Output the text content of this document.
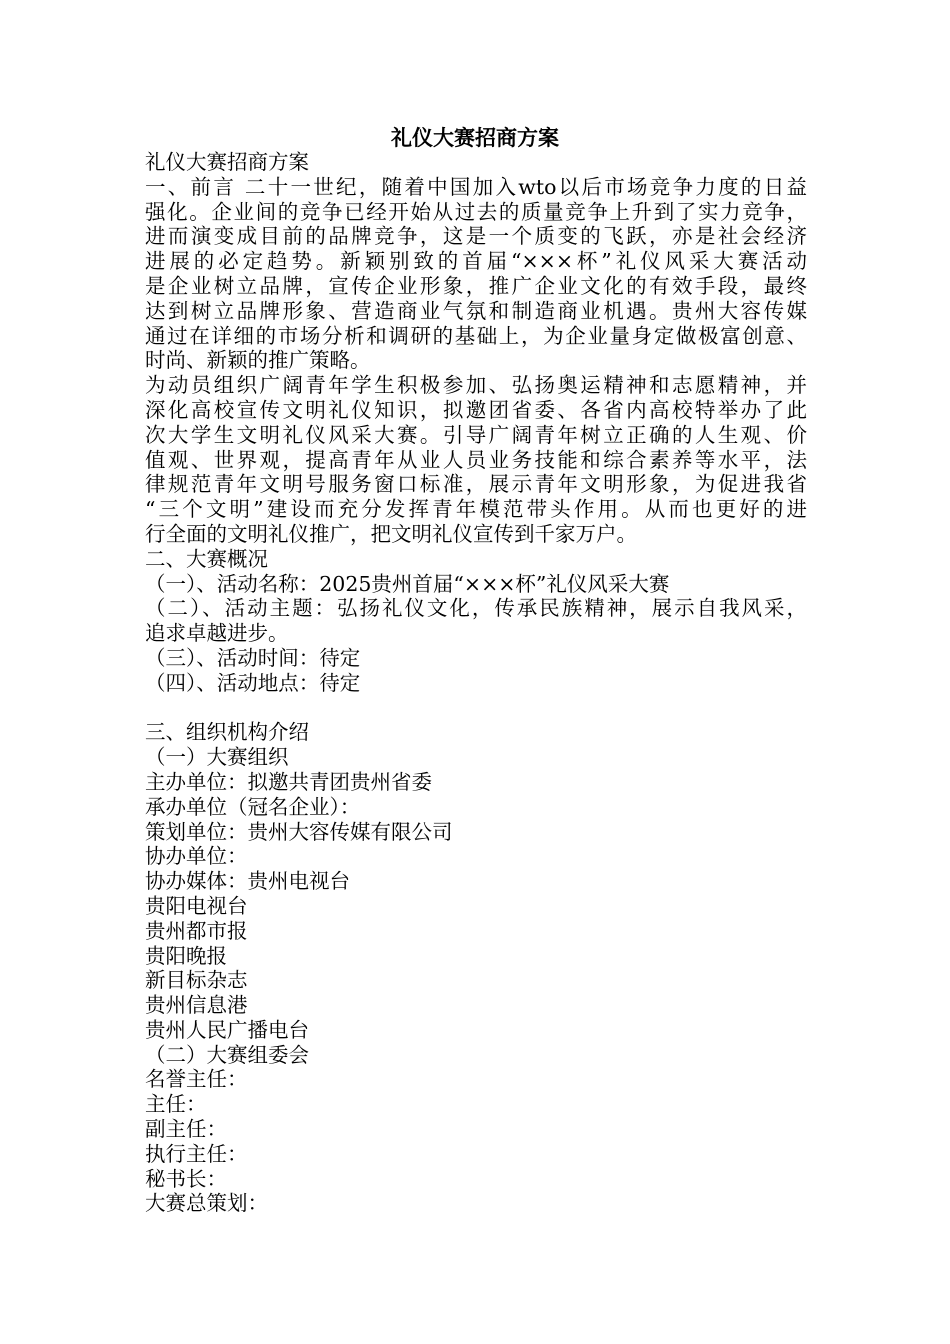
礼仪大赛招商方案
礼仪大赛招商方案
一、前言 二十一世纪，随着中国加入wto以后市场竞争力度的日益
强化。企业间的竞争已经开始从过去的质量竞争上升到了实力竞争，
进而演变成目前的品牌竞争，这是一个质变的飞跃，亦是社会经济
进展的必定趋势。新颖别致的首届“×××杯”礼仪风采大赛活动
是企业树立品牌，宣传企业形象，推广企业文化的有效手段，最终
达到树立品牌形象、营造商业气氛和制造商业机遇。贵州大容传媒
通过在详细的市场分析和调研的基础上，为企业量身定做极富创意、
时尚、新颖的推广策略。
为动员组织广阔青年学生积极参加、弘扬奥运精神和志愿精神，并
深化高校宣传文明礼仪知识，拟邀团省委、各省内高校特举办了此
次大学生文明礼仪风采大赛。引导广阔青年树立正确的人生观、价
值观、世界观，提高青年从业人员业务技能和综合素养等水平，法
律规范青年文明号服务窗口标准，展示青年文明形象，为促进我省
“三个文明”建设而充分发挥青年模范带头作用。从而也更好的进
行全面的文明礼仪推广，把文明礼仪宣传到千家万户。
二、大赛概况
（一）、活动名称：2025贵州首届“×××杯”礼仪风采大赛
（二）、活动主题：弘扬礼仪文化，传承民族精神，展示自我风采，
追求卓越进步。
（三）、活动时间：待定
（四）、活动地点：待定
三、组织机构介绍
（一）大赛组织
主办单位：拟邀共青团贵州省委
承办单位（冠名企业）：
策划单位：贵州大容传媒有限公司
协办单位：
协办媒体：贵州电视台
贵阳电视台
贵州都市报
贵阳晚报
新目标杂志
贵州信息港
贵州人民广播电台
（二）大赛组委会
名誉主任：
主任：
副主任：
执行主任：
秘书长：
大赛总策划：
